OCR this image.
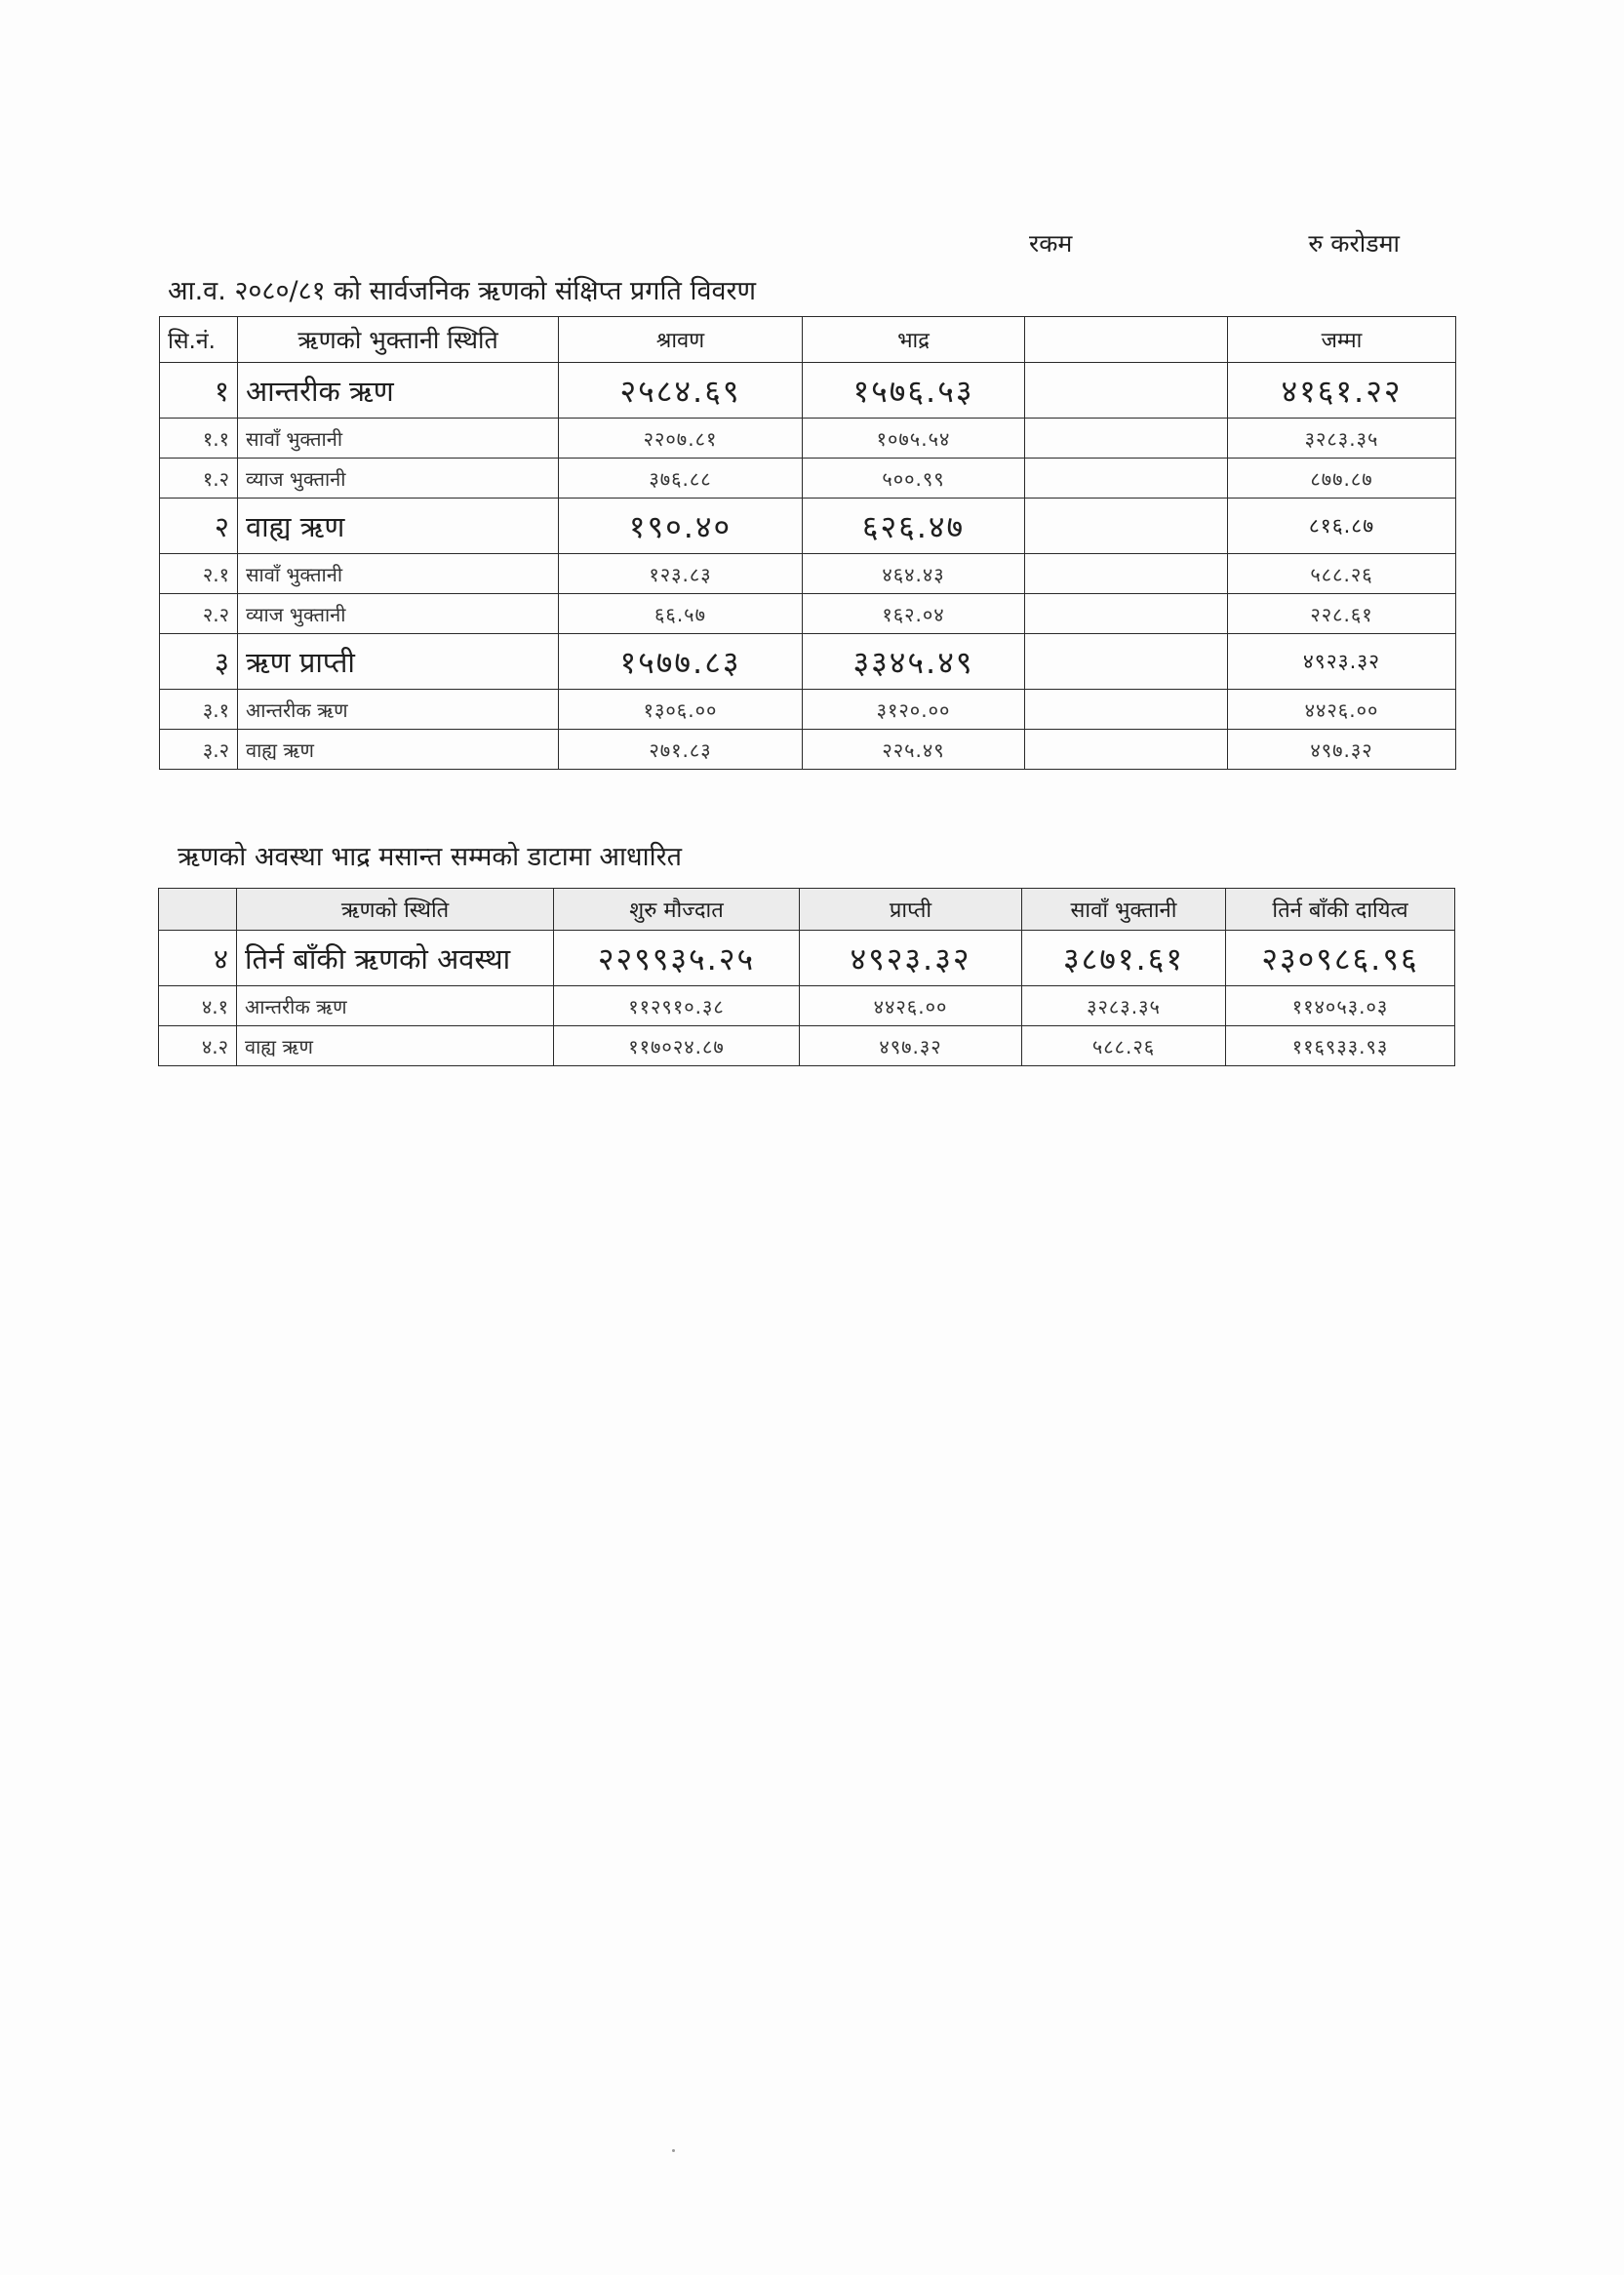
रकम	रु करोडमा
आ.व. २०८०/८१ को सार्वजनिक ऋणको संक्षिप्त प्रगति विवरण
सि.नं.	ऋणको भुक्तानी स्थिति	श्रावण	भाद्र		जम्मा
१	आन्तरीक ऋण	२५८४.६९	१५७६.५३		४१६१.२२
१.१	सावाँ भुक्तानी	२२०७.८१	१०७५.५४		३२८३.३५
१.२	व्याज भुक्तानी	३७६.८८	५००.९९		८७७.८७
२	वाह्य ऋण	१९०.४०	६२६.४७		८१६.८७
२.१	सावाँ भुक्तानी	१२३.८३	४६४.४३		५८८.२६
२.२	व्याज भुक्तानी	६६.५७	१६२.०४		२२८.६१
३	ऋण प्राप्ती	१५७७.८३	३३४५.४९		४९२३.३२
३.१	आन्तरीक ऋण	१३०६.००	३१२०.००		४४२६.००
३.२	वाह्य ऋण	२७१.८३	२२५.४९		४९७.३२
ऋणको अवस्था भाद्र मसान्त सम्मको डाटामा आधारित
	ऋणको स्थिति	शुरु मौज्दात	प्राप्ती	सावाँ भुक्तानी	तिर्न बाँकी दायित्व
४	तिर्न बाँकी ऋणको अवस्था	२२९९३५.२५	४९२३.३२	३८७१.६१	२३०९८६.९६
४.१	आन्तरीक ऋण	११२९१०.३८	४४२६.००	३२८३.३५	११४०५३.०३
४.२	वाह्य ऋण	११७०२४.८७	४९७.३२	५८८.२६	११६९३३.९३
